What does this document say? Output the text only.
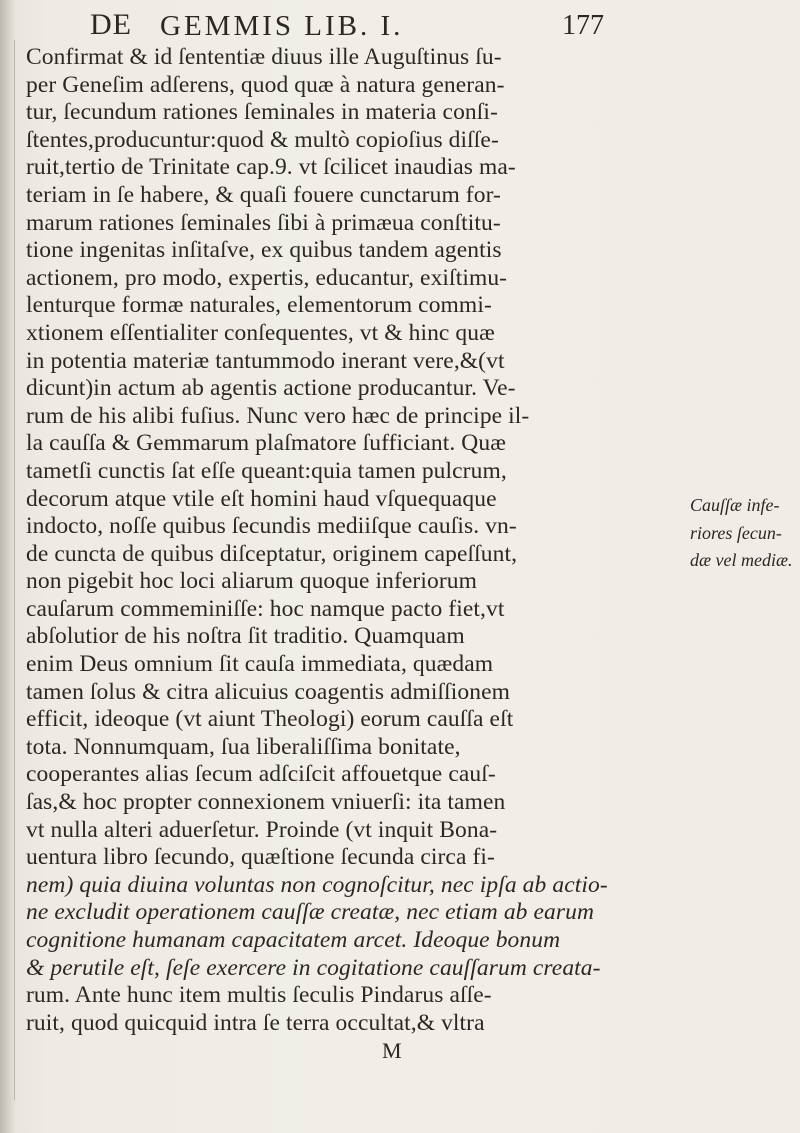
DE GEMMIS LIB. I.	177
Confirmat & id ſententiæ diuus ille Auguſtinus ſu-
per Geneſim adſerens, quod quæ à natura generan-
tur, ſecundum rationes ſeminales in materia conſi-
ſtentes,producuntur:quod & multò copioſius diſſe-
ruit,tertio de Trinitate cap.9. vt ſcilicet inaudias ma-
teriam in ſe habere, & quaſi fouere cunctarum for-
marum rationes ſeminales ſibi à primæua conſtitu-
tione ingenitas inſitaſve, ex quibus tandem agentis
actionem, pro modo, expertis, educantur, exiſtimu-
lenturque formæ naturales, elementorum commi-
xtionem eſſentialiter conſequentes, vt & hinc quæ
in potentia materiæ tantummodo inerant vere,&(vt
dicunt)in actum ab agentis actione producantur. Ve-
rum de his alibi fuſius. Nunc vero hæc de principe il-
la cauſſa & Gemmarum plaſmatore ſufficiant. Quæ
tametſi cunctis ſat eſſe queant:quia tamen pulcrum,
decorum atque vtile eſt homini haud vſquequaque
indocto, noſſe quibus ſecundis mediiſque cauſis. vn-
de cuncta de quibus diſceptatur, originem capeſſunt,
non pigebit hoc loci aliarum quoque inferiorum
cauſarum commeminiſſe: hoc namque pacto fiet,vt
abſolutior de his noſtra ſit traditio. Quamquam
enim Deus omnium ſit cauſa immediata, quædam
tamen ſolus & citra alicuius coagentis admiſſionem
efficit, ideoque (vt aiunt Theologi) eorum cauſſa eſt
tota. Nonnumquam, ſua liberaliſſima bonitate,
cooperantes alias ſecum adſciſcit affouetque cauſ-
ſas,& hoc propter connexionem vniuerſi: ita tamen
vt nulla alteri aduerſetur. Proinde (vt inquit Bona-
uentura libro ſecundo, quæſtione ſecunda circa fi-
nem) quia diuina voluntas non cognoſcitur, nec ipſa ab actio-
ne excludit operationem cauſſæ creatæ, nec etiam ab earum
cognitione humanam capacitatem arcet. Ideoque bonum
& perutile eſt, ſeſe exercere in cogitatione cauſſarum creata-
rum. Ante hunc item multis ſeculis Pindarus aſſe-
ruit, quod quicquid intra ſe terra occultat,& vltra
Cauſſæ infe-
riores ſecun-
dæ vel mediæ.
M
